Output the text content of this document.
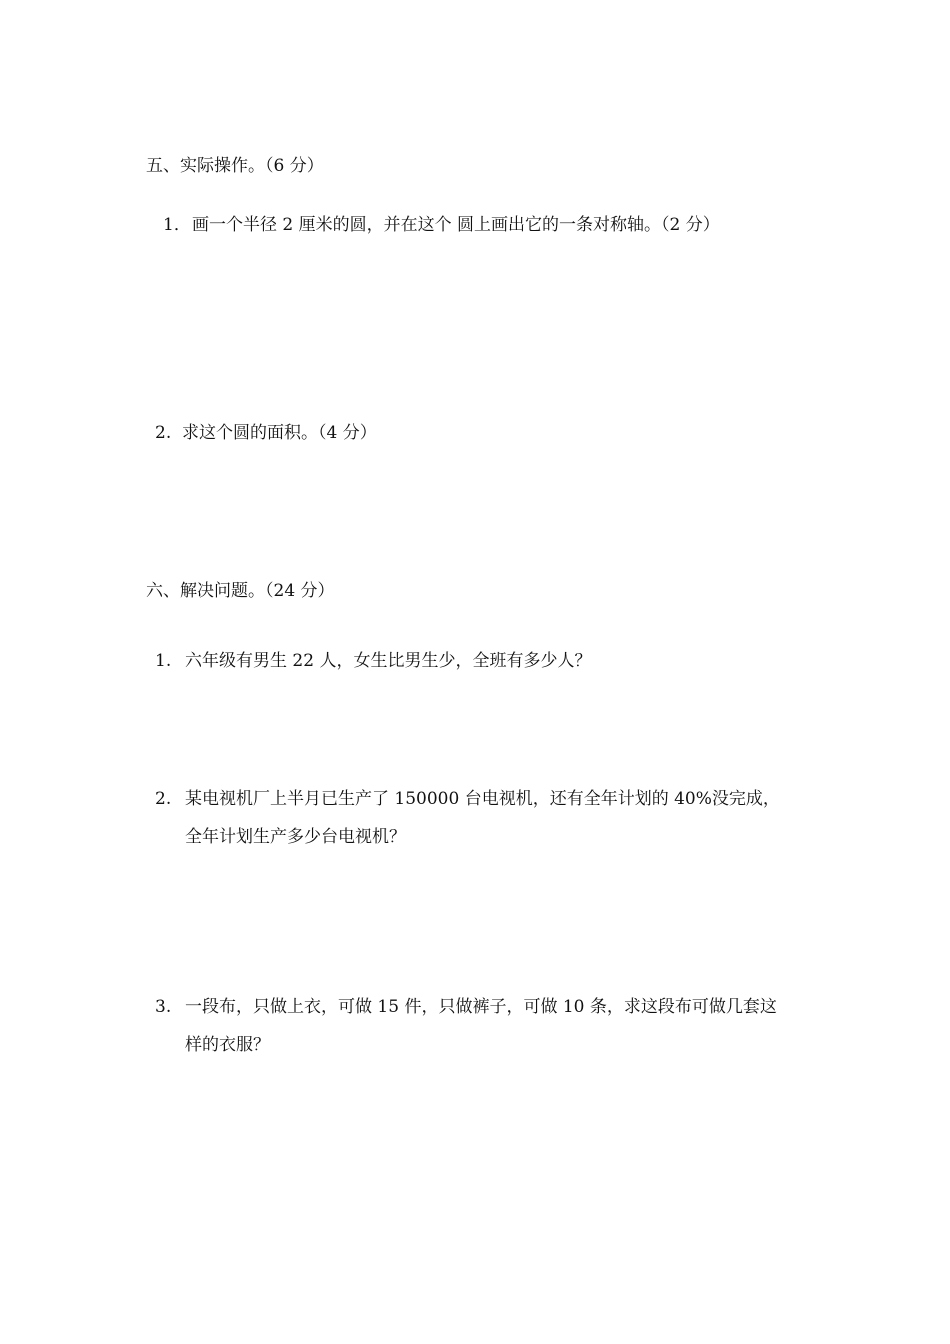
五、实际操作。（6 分）
1． 画一个半径 2 厘米的圆，并在这个 圆上画出它的一条对称轴。（2 分）
2. 求这个圆的面积。（4 分）
六、解决问题。（24 分）
1. 六年级有男生 22 人，女生比男生少，全班有多少人？
2. 某电视机厂上半月已生产了 150000 台电视机，还有全年计划的 40%没完成，
全年计划生产多少台电视机？
3. 一段布，只做上衣，可做 15 件，只做裤子，可做 10 条，求这段布可做几套这
样的衣服？
